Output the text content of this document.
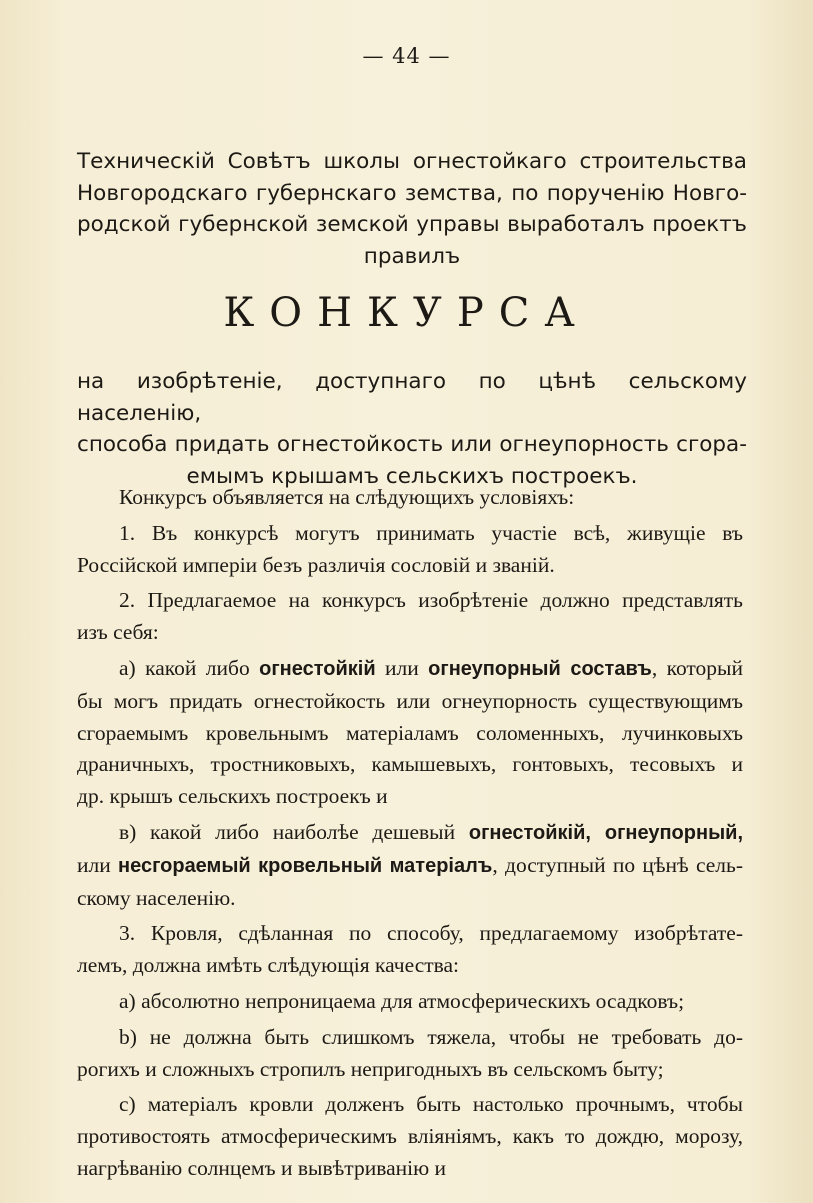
— 44 —
Техническій Совѣтъ школы огнестойкаго строительства
Новгородскаго губернскаго земства, по порученію Новго-
родской губернской земской управы выработалъ проектъ
правилъ
КОНКУРСА
на изобрѣтеніе, доступнаго по цѣнѣ сельскому населенію,
способа придать огнестойкость или огнеупорность сгора-
емымъ крышамъ сельскихъ построекъ.
Конкурсъ объявляется на слѣдующихъ условіяхъ:
1. Въ конкурсѣ могутъ принимать участіе всѣ, живущіе въ
Россійской имперіи безъ различія сословій и званій.
2. Предлагаемое на конкурсъ изобрѣтеніе должно представлять
изъ себя:
а) какой либо огнестойкій или огнеупорный составъ, который
бы могъ придать огнестойкость или огнеупорность существующимъ
сгораемымъ кровельнымъ матеріаламъ соломенныхъ, лучинковыхъ
драничныхъ, тростниковыхъ, камышевыхъ, гонтовыхъ, тесовыхъ и
др. крышъ сельскихъ построекъ и
в) какой либо наиболѣе дешевый огнестойкій, огнеупорный,
или несгораемый кровельный матеріалъ, доступный по цѣнѣ сель-
скому населенію.
3. Кровля, сдѣланная по способу, предлагаемому изобрѣтате-
лемъ, должна имѣть слѣдующія качества:
а) абсолютно непроницаема для атмосферическихъ осадковъ;
b) не должна быть слишкомъ тяжела, чтобы не требовать до-
рогихъ и сложныхъ стропилъ непригодныхъ въ сельскомъ быту;
с) матеріалъ кровли долженъ быть настолько прочнымъ, чтобы
противостоять атмосферическимъ вліяніямъ, какъ то дождю, морозу,
нагрѣванію солнцемъ и вывѣтриванію и
